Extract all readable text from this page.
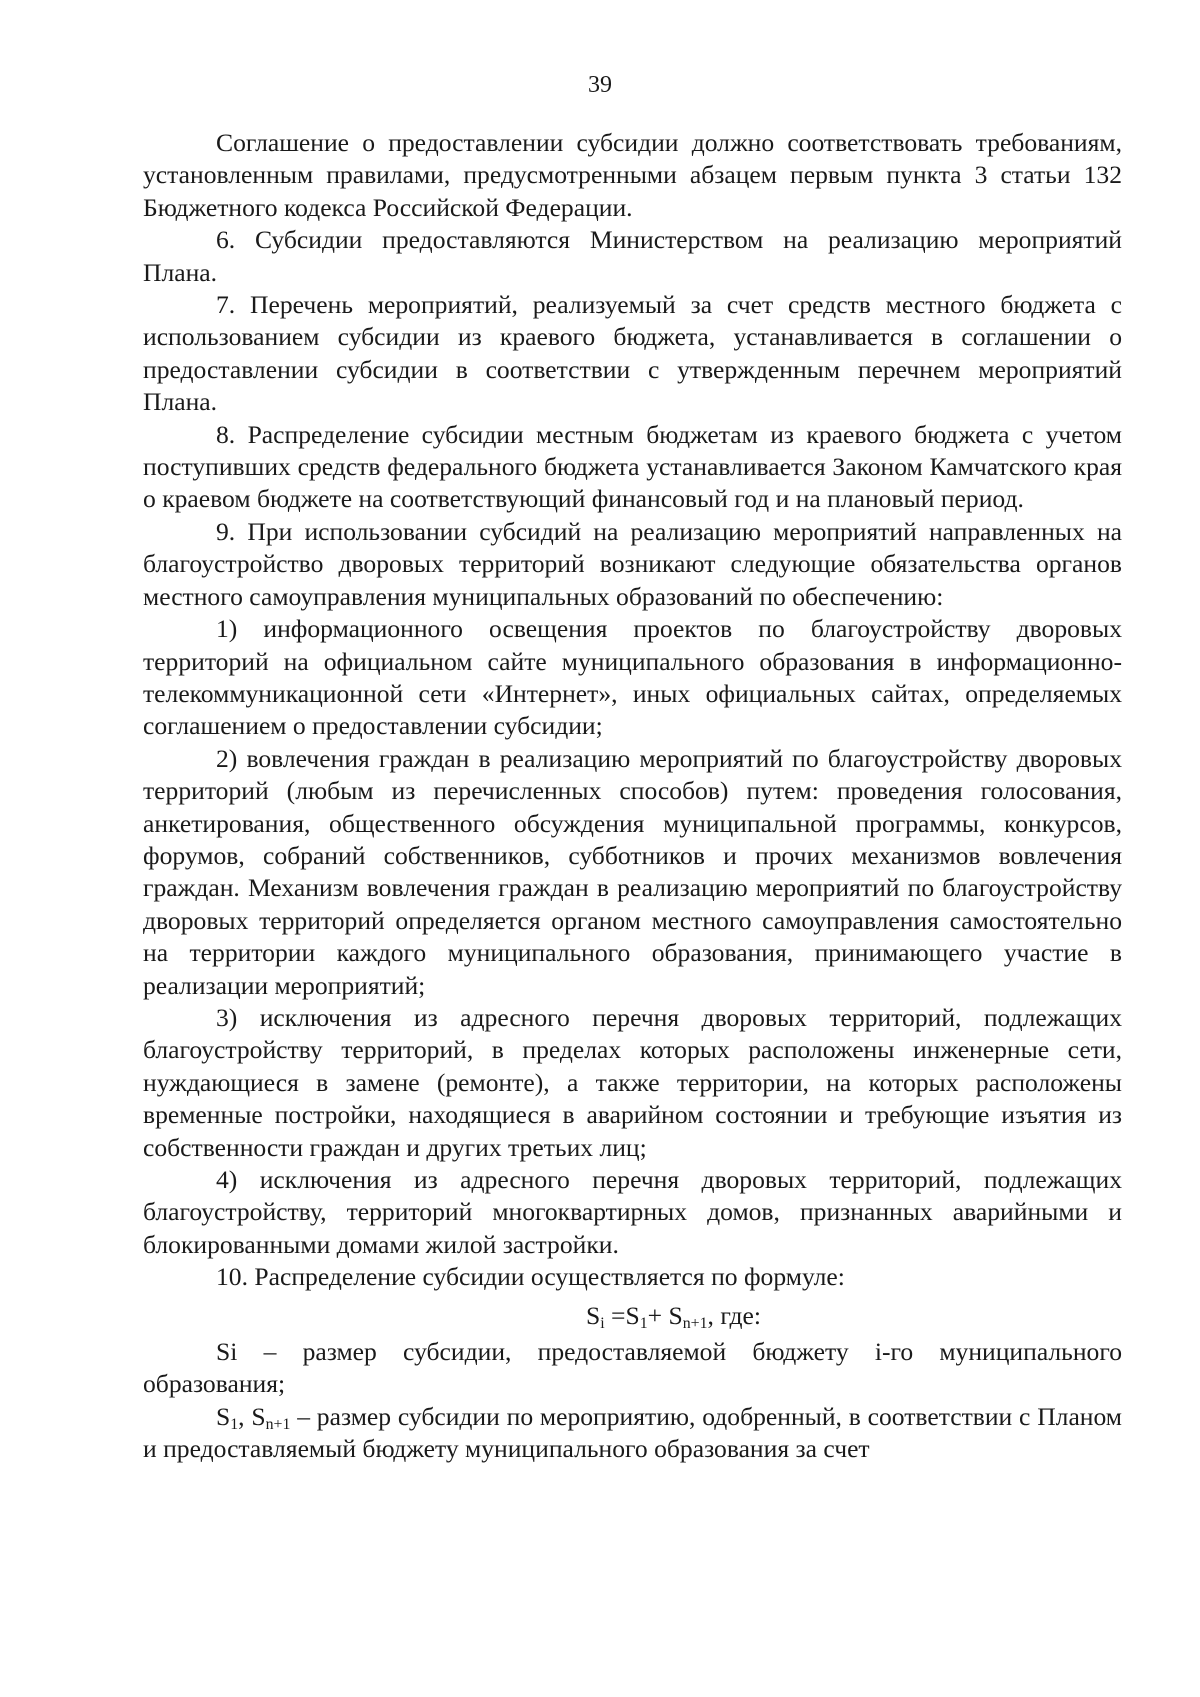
39

Соглашение о предоставлении субсидии должно соответствовать требованиям, установленным правилами, предусмотренными абзацем первым пункта 3 статьи 132 Бюджетного кодекса Российской Федерации.

6. Субсидии предоставляются Министерством на реализацию мероприятий Плана.

7. Перечень мероприятий, реализуемый за счет средств местного бюджета с использованием субсидии из краевого бюджета, устанавливается в соглашении о предоставлении субсидии в соответствии с утвержденным перечнем мероприятий Плана.

8. Распределение субсидии местным бюджетам из краевого бюджета с учетом поступивших средств федерального бюджета устанавливается Законом Камчатского края о краевом бюджете на соответствующий финансовый год и на плановый период.

9. При использовании субсидий на реализацию мероприятий направленных на благоустройство дворовых территорий возникают следующие обязательства органов местного самоуправления муниципальных образований по обеспечению:

1) информационного освещения проектов по благоустройству дворовых территорий на официальном сайте муниципального образования в информационно-телекоммуникационной сети «Интернет», иных официальных сайтах, определяемых соглашением о предоставлении субсидии;

2) вовлечения граждан в реализацию мероприятий по благоустройству дворовых территорий (любым из перечисленных способов) путем: проведения голосования, анкетирования, общественного обсуждения муниципальной программы, конкурсов, форумов, собраний собственников, субботников и прочих механизмов вовлечения граждан. Механизм вовлечения граждан в реализацию мероприятий по благоустройству дворовых территорий определяется органом местного самоуправления самостоятельно на территории каждого муниципального образования, принимающего участие в реализации мероприятий;

3) исключения из адресного перечня дворовых территорий, подлежащих благоустройству территорий, в пределах которых расположены инженерные сети, нуждающиеся в замене (ремонте), а также территории, на которых расположены временные постройки, находящиеся в аварийном состоянии и требующие изъятия из собственности граждан и других третьих лиц;

4) исключения из адресного перечня дворовых территорий, подлежащих благоустройству, территорий многоквартирных домов, признанных аварийными и блокированными домами жилой застройки.

10. Распределение субсидии осуществляется по формуле:

$S_i =S_1+ S_{n+1}$, где:

Si – размер субсидии, предоставляемой бюджету i-го муниципального образования;

$S_1$, $S_{n+1}$ – размер субсидии по мероприятию, одобренный, в соответствии с Планом и предоставляемый бюджету муниципального образования за счет
